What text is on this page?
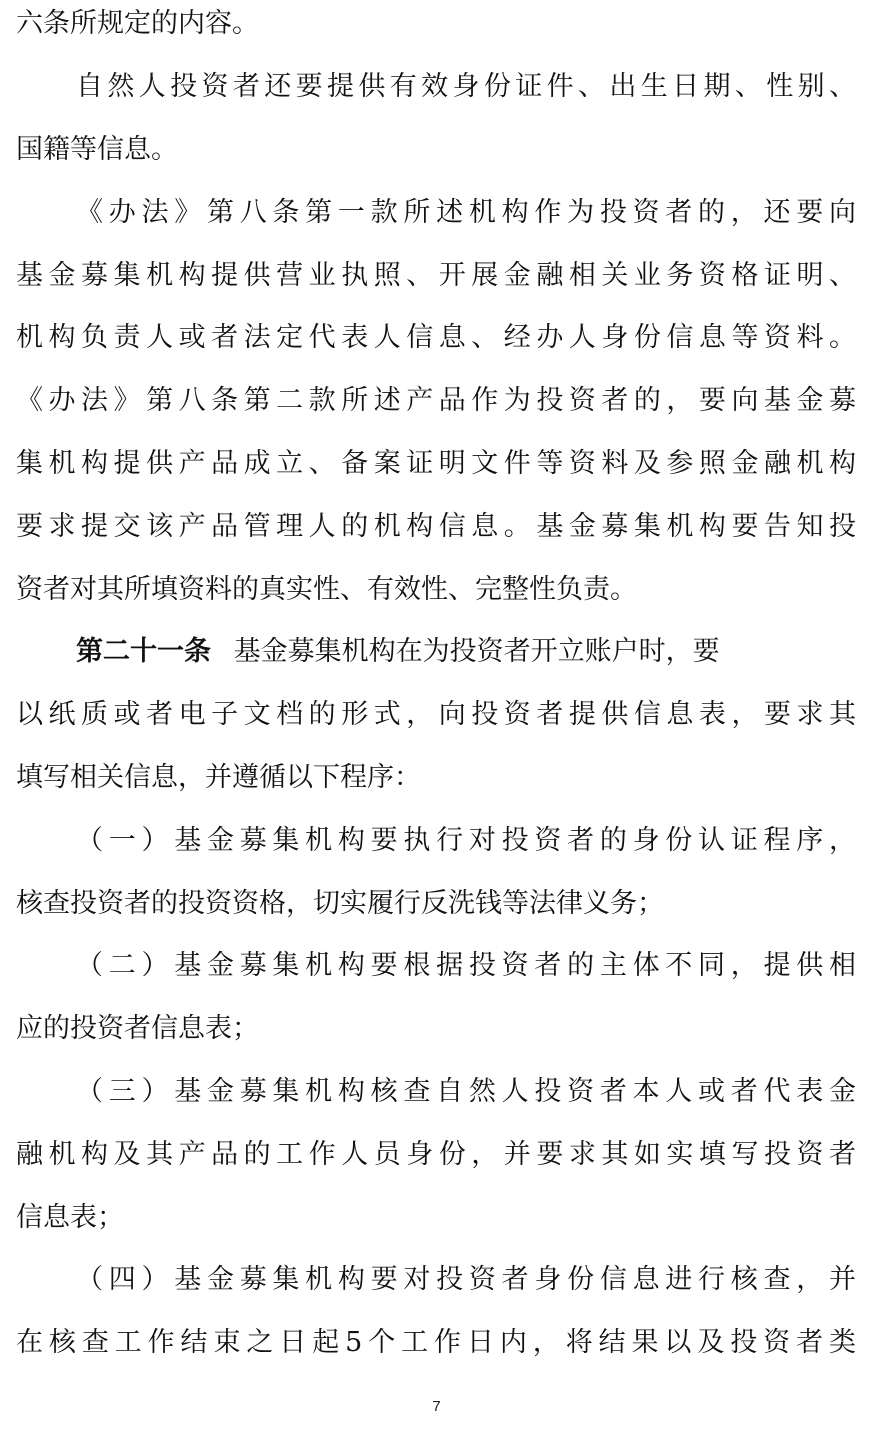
六条所规定的内容。
自然人投资者还要提供有效身份证件、出生日期、性别、
国籍等信息。
《办法》第八条第一款所述机构作为投资者的，还要向
基金募集机构提供营业执照、开展金融相关业务资格证明、
机构负责人或者法定代表人信息、经办人身份信息等资料。
《办法》第八条第二款所述产品作为投资者的，要向基金募
集机构提供产品成立、备案证明文件等资料及参照金融机构
要求提交该产品管理人的机构信息。基金募集机构要告知投
资者对其所填资料的真实性、有效性、完整性负责。
第二十一条 基金募集机构在为投资者开立账户时，要
以纸质或者电子文档的形式，向投资者提供信息表，要求其
填写相关信息，并遵循以下程序：
（一）基金募集机构要执行对投资者的身份认证程序，
核查投资者的投资资格，切实履行反洗钱等法律义务；
（二）基金募集机构要根据投资者的主体不同，提供相
应的投资者信息表；
（三）基金募集机构核查自然人投资者本人或者代表金
融机构及其产品的工作人员身份，并要求其如实填写投资者
信息表；
（四）基金募集机构要对投资者身份信息进行核查，并
在核查工作结束之日起5个工作日内，将结果以及投资者类
7
